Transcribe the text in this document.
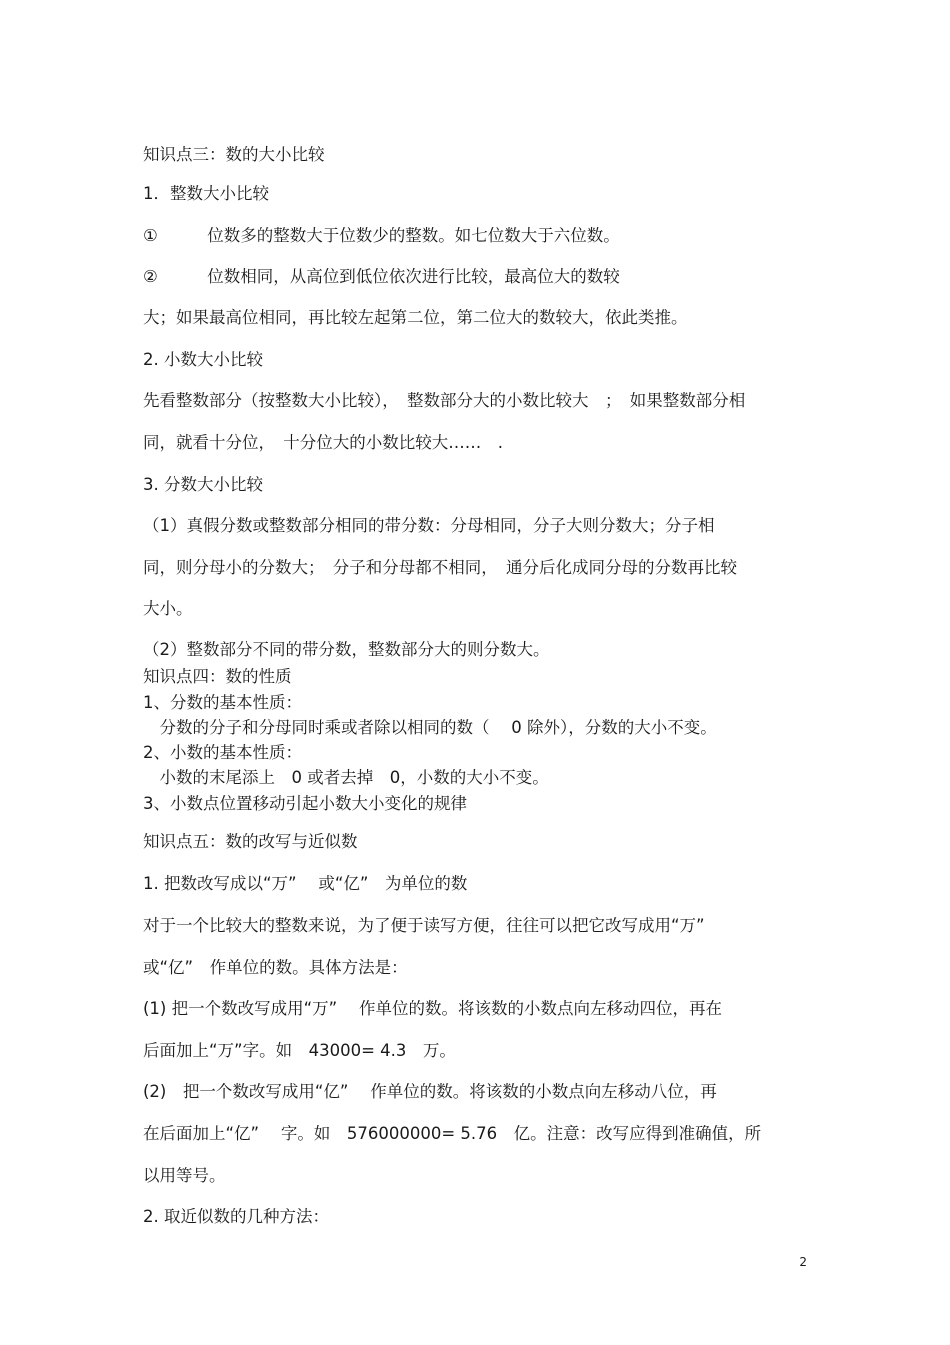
知识点三：数的大小比较

1．整数大小比较

①　　　位数多的整数大于位数少的整数。如七位数大于六位数。

②　　　位数相同，从高位到低位依次进行比较，最高位大的数较

大；如果最高位相同，再比较左起第二位，第二位大的数较大，依此类推。

2. 小数大小比较

先看整数部分（按整数大小比较），　整数部分大的小数比较大　；　如果整数部分相

同，就看十分位，　十分位大的小数比较大……　.

3. 分数大小比较

（1）真假分数或整数部分相同的带分数：分母相同，分子大则分数大；分子相

同，则分母小的分数大；　分子和分母都不相同，　通分后化成同分母的分数再比较

大小。

（2）整数部分不同的带分数，整数部分大的则分数大。

知识点四：数的性质

1、分数的基本性质：

　分数的分子和分母同时乘或者除以相同的数（　 0 除外），分数的大小不变。

2、小数的基本性质：

　小数的末尾添上　0 或者去掉　0，小数的大小不变。

3、小数点位置移动引起小数大小变化的规律

知识点五：数的改写与近似数

1. 把数改写成以“万”　 或“亿”　为单位的数

对于一个比较大的整数来说，为了便于读写方便，往往可以把它改写成用“万”

或“亿”　作单位的数。具体方法是：

(1) 把一个数改写成用“万”　 作单位的数。将该数的小数点向左移动四位，再在

后面加上“万”字。如　43000= 4.3　万。

(2)　把一个数改写成用“亿”　 作单位的数。将该数的小数点向左移动八位，再

在后面加上“亿”　 字。如　576000000= 5.76　亿。注意：改写应得到准确值，所

以用等号。

2. 取近似数的几种方法：

2
